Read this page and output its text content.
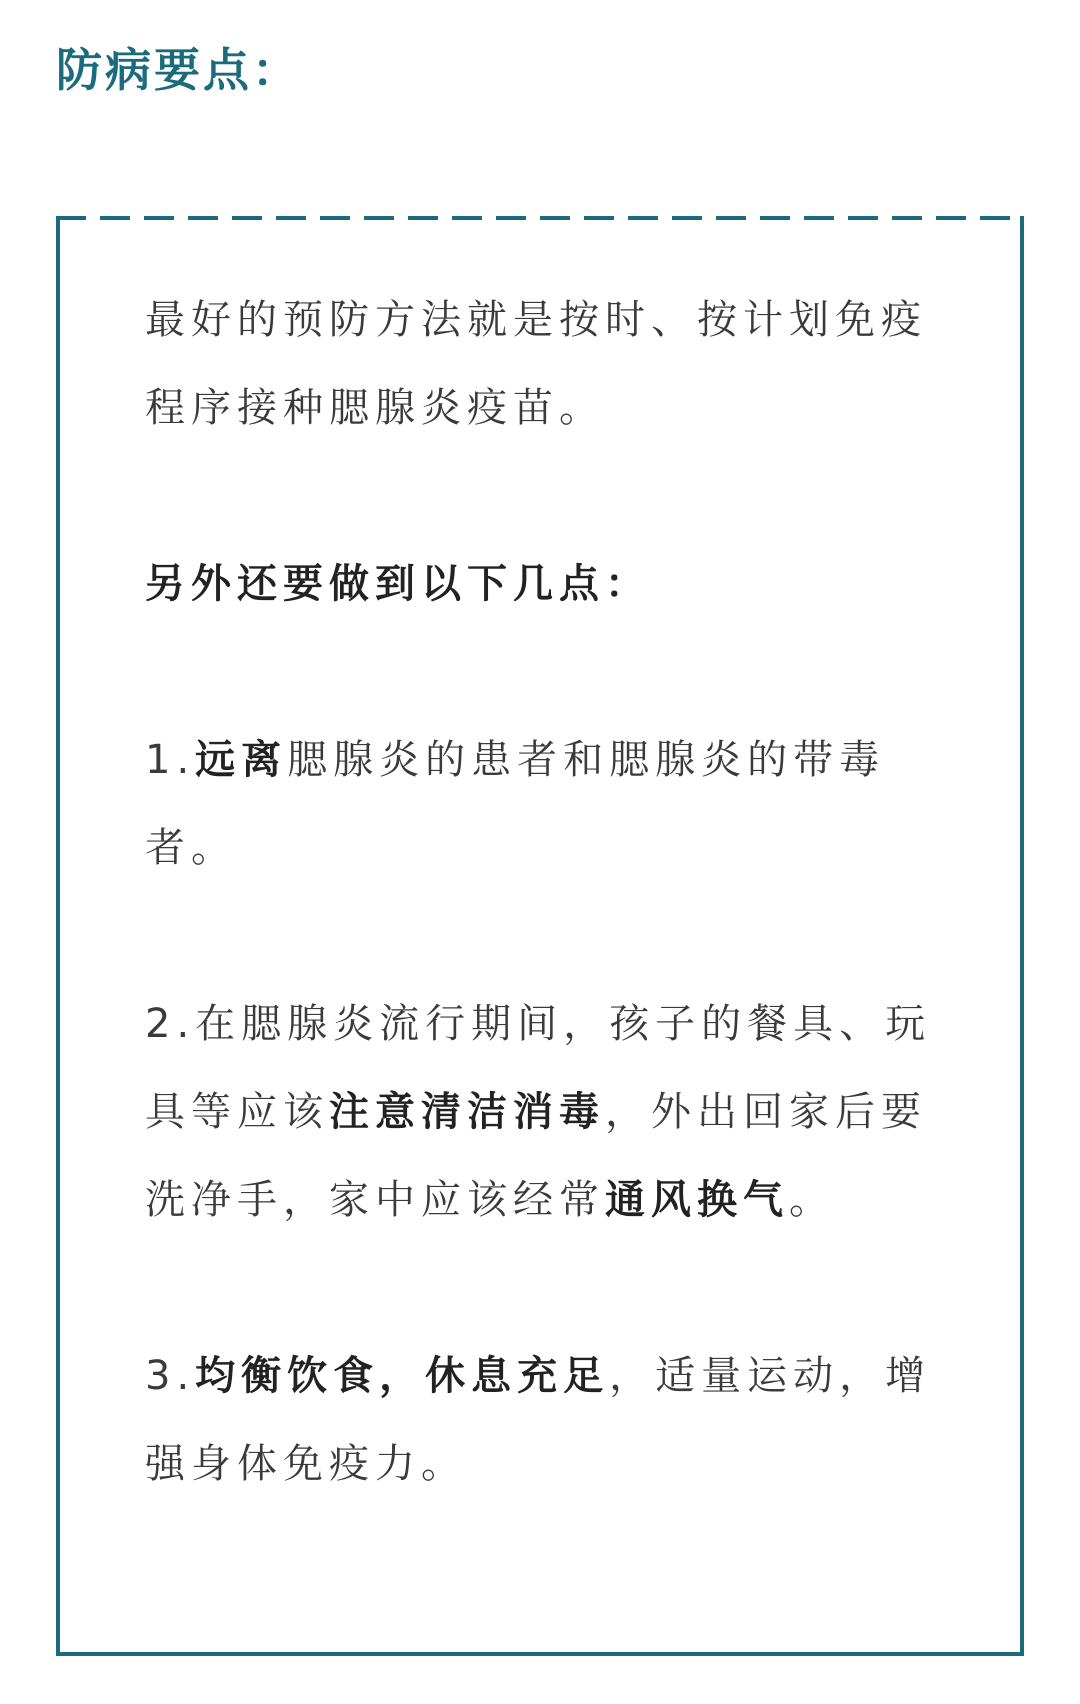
防病要点：

最好的预防方法就是按时、按计划免疫程序接种腮腺炎疫苗。

另外还要做到以下几点：

1.远离腮腺炎的患者和腮腺炎的带毒者。

2.在腮腺炎流行期间，孩子的餐具、玩具等应该注意清洁消毒，外出回家后要洗净手，家中应该经常通风换气。

3.均衡饮食，休息充足，适量运动，增强身体免疫力。
